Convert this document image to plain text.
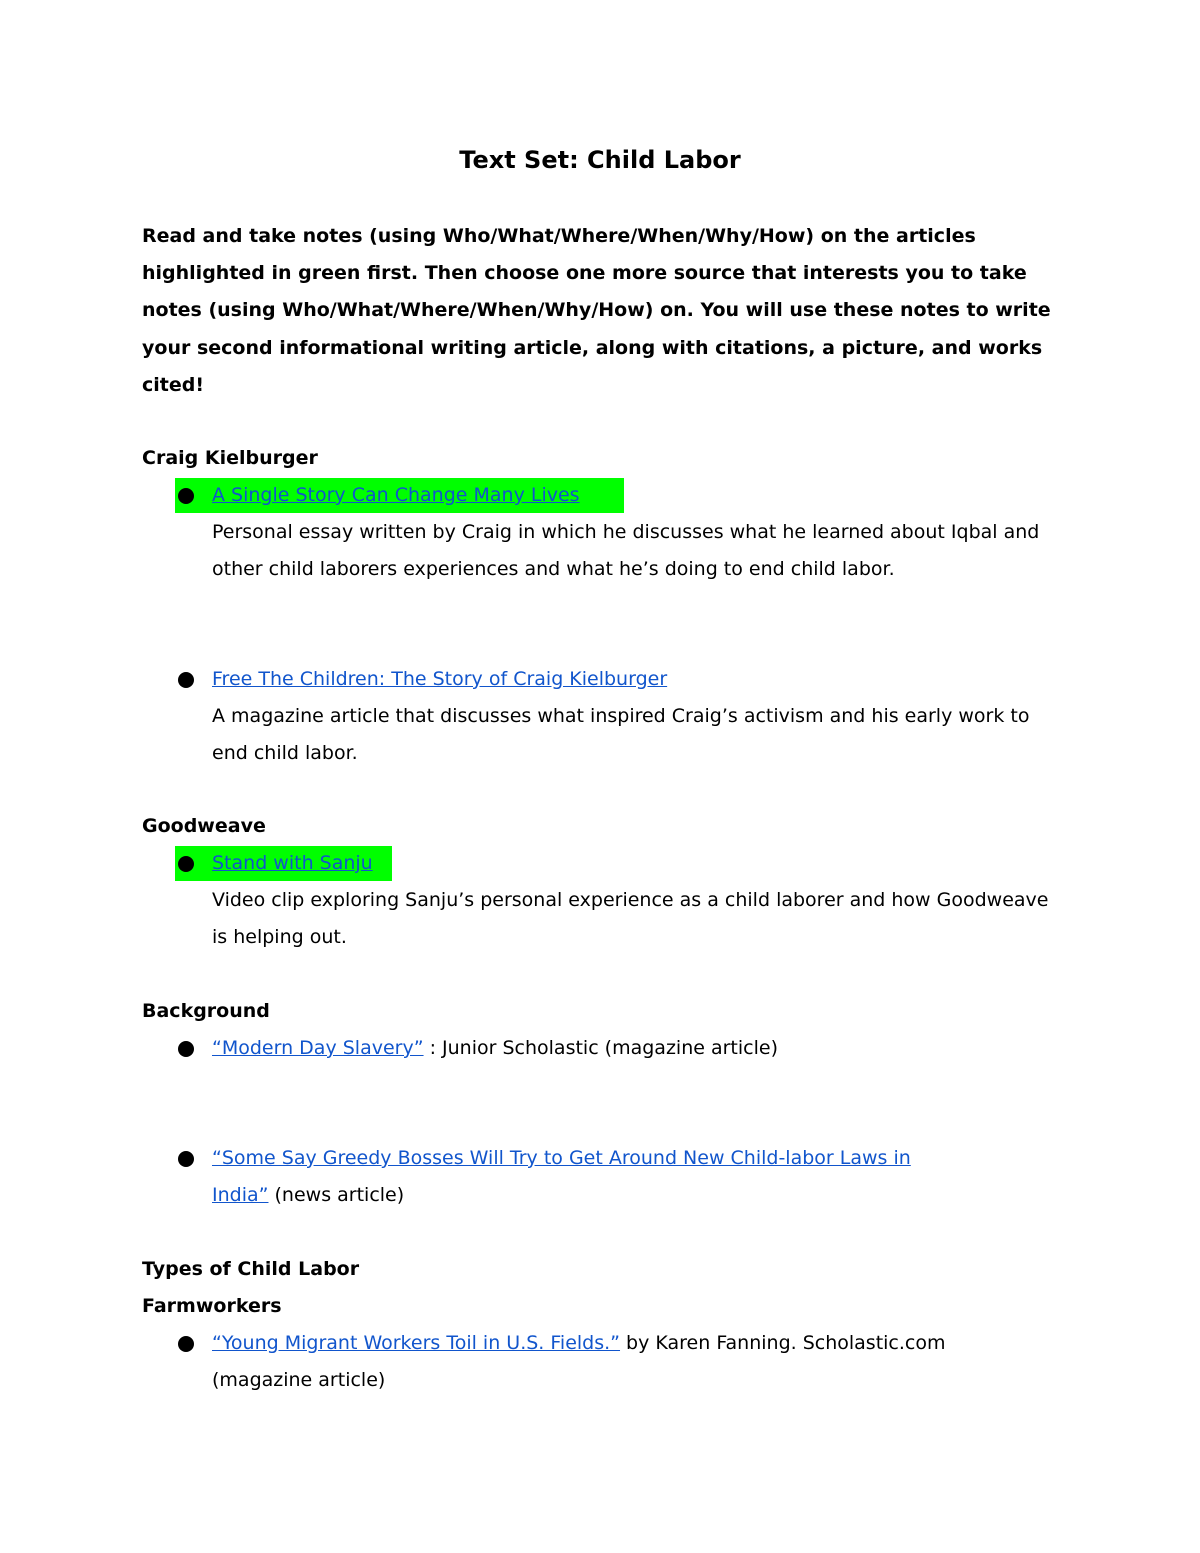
Text Set: Child Labor

Read and take notes (using Who/What/Where/When/Why/How) on the articles highlighted in green first. Then choose one more source that interests you to take notes (using Who/What/Where/When/Why/How) on. You will use these notes to write your second informational writing article, along with citations, a picture, and works cited!

Craig Kielburger
A Single Story Can Change Many Lives

Personal essay written by Craig in which he discusses what he learned about Iqbal and other child laborers experiences and what he’s doing to end child labor.

Free The Children: The Story of Craig Kielburger

A magazine article that discusses what inspired Craig’s activism and his early work to end child labor.

Goodweave
Stand with Sanju

Video clip exploring Sanju’s personal experience as a child laborer and how Goodweave is helping out.

Background
“Modern Day Slavery” : Junior Scholastic (magazine article)
“Some Say Greedy Bosses Will Try to Get Around New Child-labor Laws in
India” (news article)
Types of Child Labor
Farmworkers
“Young Migrant Workers Toil in U.S. Fields.” by Karen Fanning. Scholastic.com
(magazine article)
